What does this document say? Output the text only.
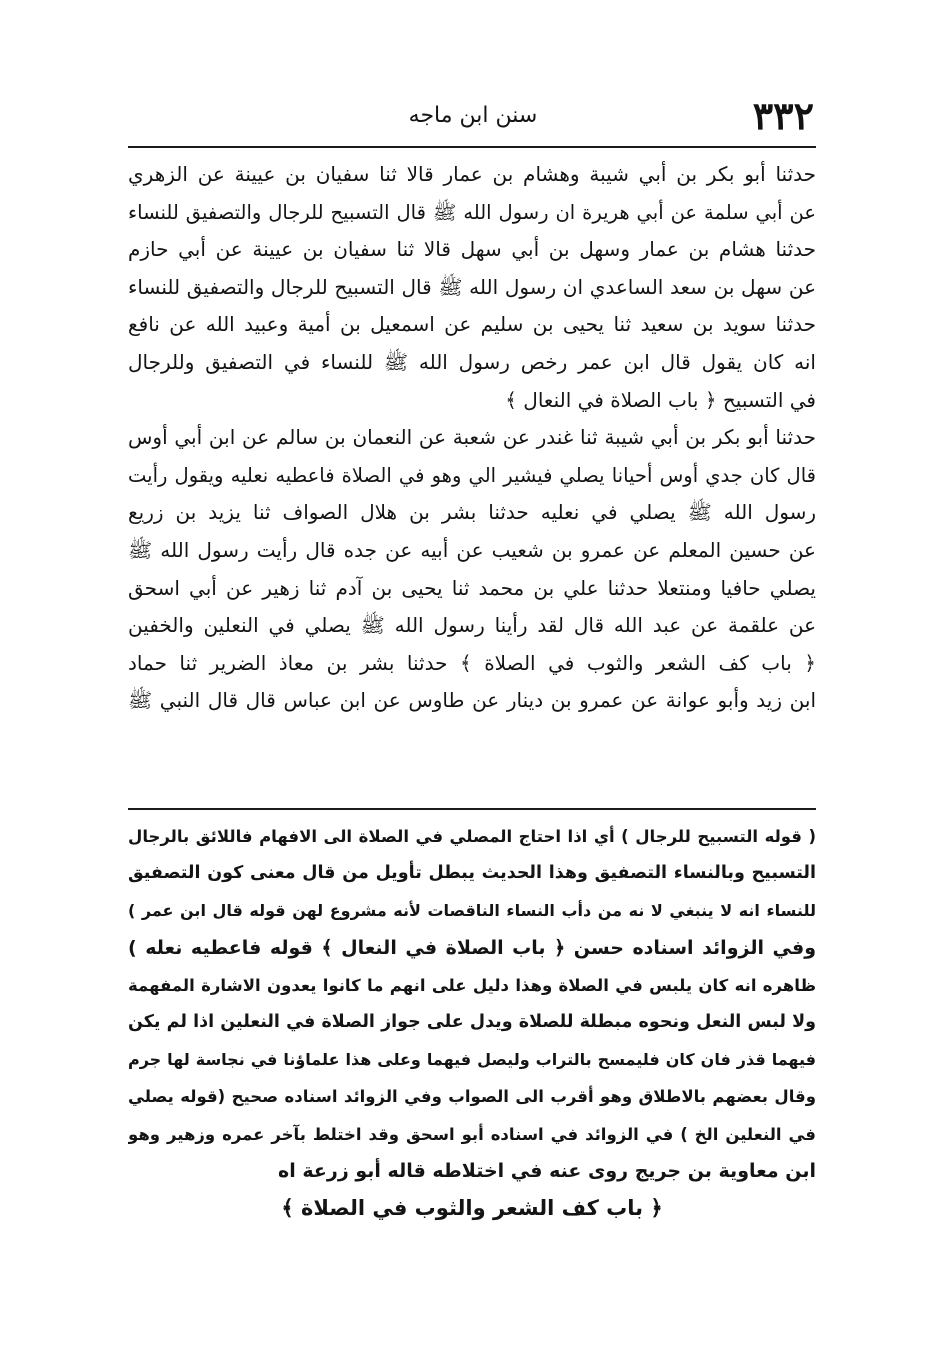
٣٣٢
سنن ابن ماجه
حدثنا أبو بكر بن أبي شيبة وهشام بن عمار قالا ثنا سفيان بن عيينة عن الزهري
عن أبي سلمة عن أبي هريرة ان رسول الله ﷺ قال التسبيح للرجال والتصفيق للنساء
حدثنا هشام بن عمار وسهل بن أبي سهل قالا ثنا سفيان بن عيينة عن أبي حازم
عن سهل بن سعد الساعدي ان رسول الله ﷺ قال التسبيح للرجال والتصفيق للنساء
حدثنا سويد بن سعيد ثنا يحيى بن سليم عن اسمعيل بن أمية وعبيد الله عن نافع
انه كان يقول قال ابن عمر رخص رسول الله ﷺ للنساء في التصفيق وللرجال
في التسبيح ﴿ باب الصلاة في النعال ﴾
حدثنا أبو بكر بن أبي شيبة ثنا غندر عن شعبة عن النعمان بن سالم عن ابن أبي أوس
قال كان جدي أوس أحيانا يصلي فيشير الي وهو في الصلاة فاعطيه نعليه ويقول رأيت
رسول الله ﷺ يصلي في نعليه حدثنا بشر بن هلال الصواف ثنا يزيد بن زريع
عن حسين المعلم عن عمرو بن شعيب عن أبيه عن جده قال رأيت رسول الله ﷺ
يصلي حافيا ومنتعلا حدثنا علي بن محمد ثنا يحيى بن آدم ثنا زهير عن أبي اسحق
عن علقمة عن عبد الله قال لقد رأينا رسول الله ﷺ يصلي في النعلين والخفين
﴿ باب كف الشعر والثوب في الصلاة ﴾ حدثنا بشر بن معاذ الضرير ثنا حماد
ابن زيد وأبو عوانة عن عمرو بن دينار عن طاوس عن ابن عباس قال قال النبي ﷺ
( قوله التسبيح للرجال ) أي اذا احتاج المصلي في الصلاة الى الافهام فاللائق بالرجال
التسبيح وبالنساء التصفيق وهذا الحديث يبطل تأويل من قال معنى كون التصفيق
للنساء انه لا ينبغي لا نه من دأب النساء الناقصات لأنه مشروع لهن قوله قال ابن عمر )
وفي الزوائد اسناده حسن ﴿ باب الصلاة في النعال ﴾ قوله فاعطيه نعله )
ظاهره انه كان يلبس في الصلاة وهذا دليل على انهم ما كانوا يعدون الاشارة المفهمة
ولا لبس النعل ونحوه مبطلة للصلاة ويدل على جواز الصلاة في النعلين اذا لم يكن
فيهما قذر فان كان فليمسح بالتراب وليصل فيهما وعلى هذا علماؤنا في نجاسة لها جرم
وقال بعضهم بالاطلاق وهو أقرب الى الصواب وفي الزوائد اسناده صحيح (قوله يصلي
في النعلين الخ ) في الزوائد في اسناده أبو اسحق وقد اختلط بآخر عمره وزهير وهو
ابن معاوية بن جريج روى عنه في اختلاطه قاله أبو زرعة اه
﴿ باب كف الشعر والثوب في الصلاة ﴾
